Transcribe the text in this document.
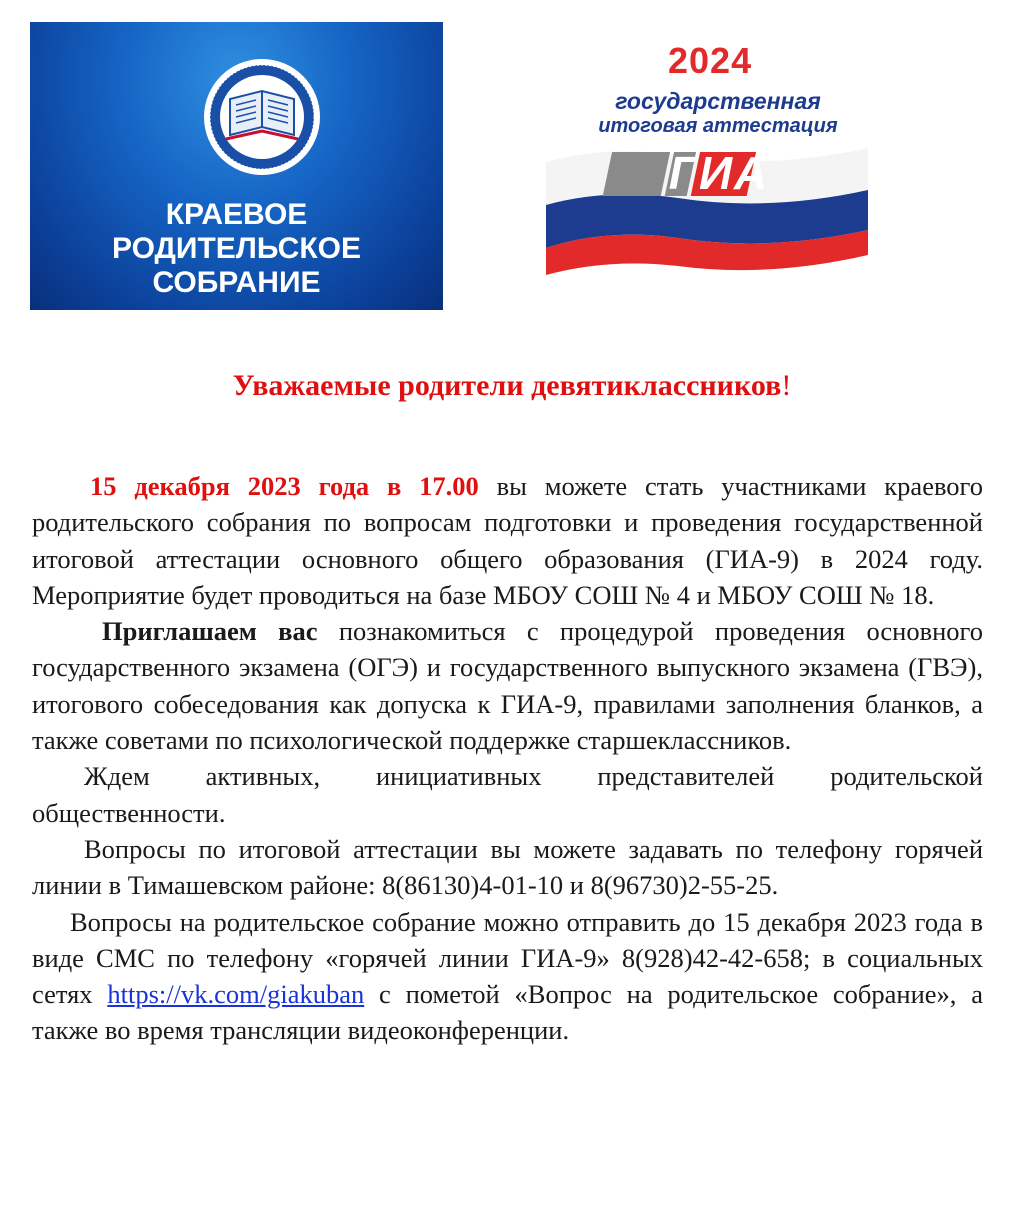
КРАЕВОЕ
РОДИТЕЛЬСКОЕ
СОБРАНИЕ
2024
государственная
итоговая аттестация
ГИА
Уважаемые родители девятиклассников!

15 декабря 2023 года в 17.00 вы можете стать участниками краевого родительского собрания по вопросам подготовки и проведения государственной итоговой аттестации основного общего образования (ГИА-9) в 2024 году. Мероприятие будет проводиться на базе МБОУ СОШ № 4 и МБОУ СОШ № 18.

Приглашаем вас познакомиться с процедурой проведения основного государственного экзамена (ОГЭ) и государственного выпускного экзамена (ГВЭ), итогового собеседования как допуска к ГИА-9, правилами заполнения бланков, а также советами по психологической поддержке старшеклассников.

Ждем активных, инициативных представителей родительской общественности.

Вопросы по итоговой аттестации вы можете задавать по телефону горячей линии в Тимашевском районе: 8(86130)4-01-10 и 8(96730)2-55-25.

Вопросы на родительское собрание можно отправить до 15 декабря 2023 года в виде СМС по телефону «горячей линии ГИА-9» 8(928)42-42-658; в социальных сетях https://vk.com/giakuban с пометой «Вопрос на родительское собрание», а также во время трансляции видеоконференции.
